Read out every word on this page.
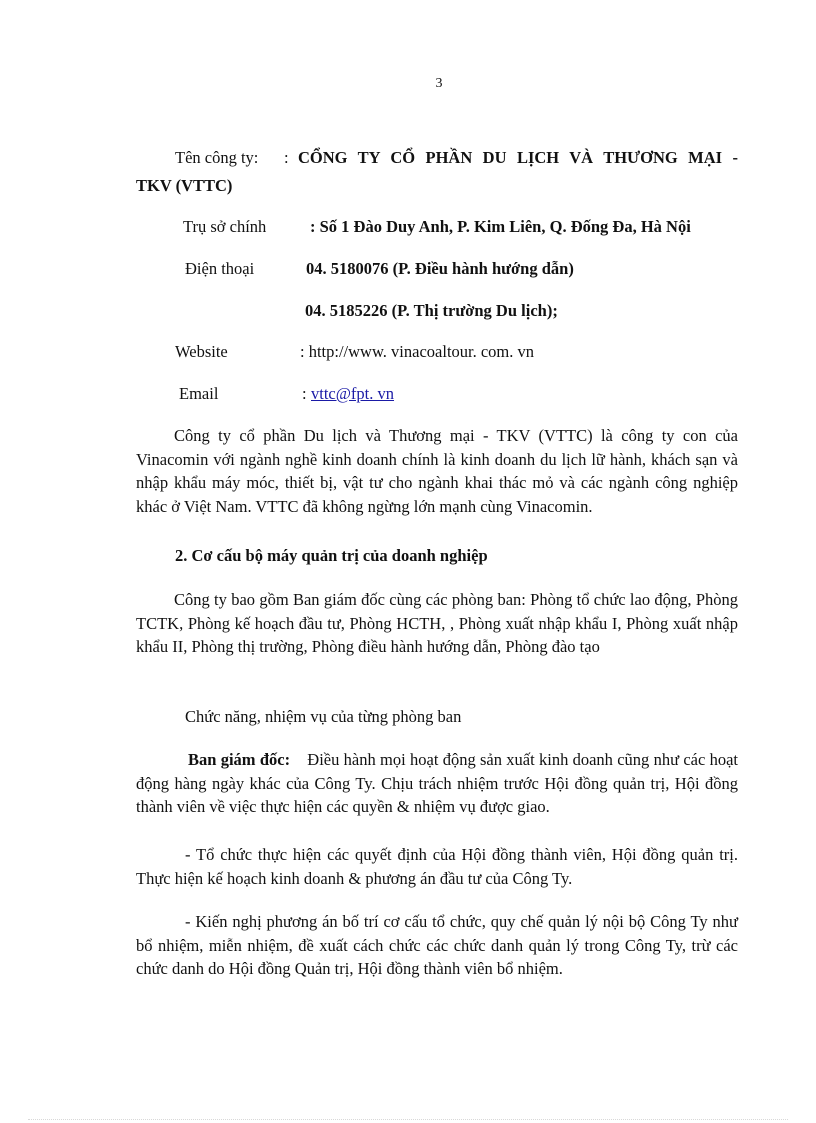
3
Tên công ty: : CỔNG TY CỔ PHẦN DU LỊCH VÀ THƯƠNG MẠI -
TKV (VTTC)
Trụ sở chính	: Số 1 Đào Duy Anh, P. Kim Liên, Q. Đống Đa, Hà Nội
Điện thoại	04. 5180076 (P. Điều hành hướng dẫn)
04. 5185226 (P. Thị trường Du lịch);
Website	: http://www. vinacoaltour. com. vn
Email	: vttc@fpt. vn
Công ty cổ phần Du lịch và Thương mại - TKV (VTTC) là công ty con của Vinacomin với ngành nghề kinh doanh chính là kinh doanh du lịch lữ hành, khách sạn và nhập khẩu máy móc, thiết bị, vật tư cho ngành khai thác mỏ và các ngành công nghiệp khác ở Việt Nam. VTTC đã không ngừng lớn mạnh cùng Vinacomin.
2. Cơ cấu bộ máy quản trị của doanh nghiệp
Công ty bao gồm Ban giám đốc cùng các phòng ban: Phòng tổ chức lao động, Phòng TCTK, Phòng kế hoạch đầu tư, Phòng HCTH, , Phòng xuất nhập khẩu I, Phòng xuất nhập khẩu II, Phòng thị trường, Phòng điều hành hướng dẫn, Phòng đào tạo
Chức năng, nhiệm vụ của từng phòng ban
Ban giám đốc: Điều hành mọi hoạt động sản xuất kinh doanh cũng như các hoạt động hàng ngày khác của Công Ty. Chịu trách nhiệm trước Hội đồng quản trị, Hội đồng thành viên về việc thực hiện các quyền & nhiệm vụ được giao.
- Tổ chức thực hiện các quyết định của Hội đồng thành viên, Hội đồng quản trị. Thực hiện kế hoạch kinh doanh & phương án đầu tư của Công Ty.
- Kiến nghị phương án bố trí cơ cấu tổ chức, quy chế quản lý nội bộ Công Ty như bổ nhiệm, miễn nhiệm, đề xuất cách chức các chức danh quản lý trong Công Ty, trừ các chức danh do Hội đồng Quản trị, Hội đồng thành viên bổ nhiệm.
